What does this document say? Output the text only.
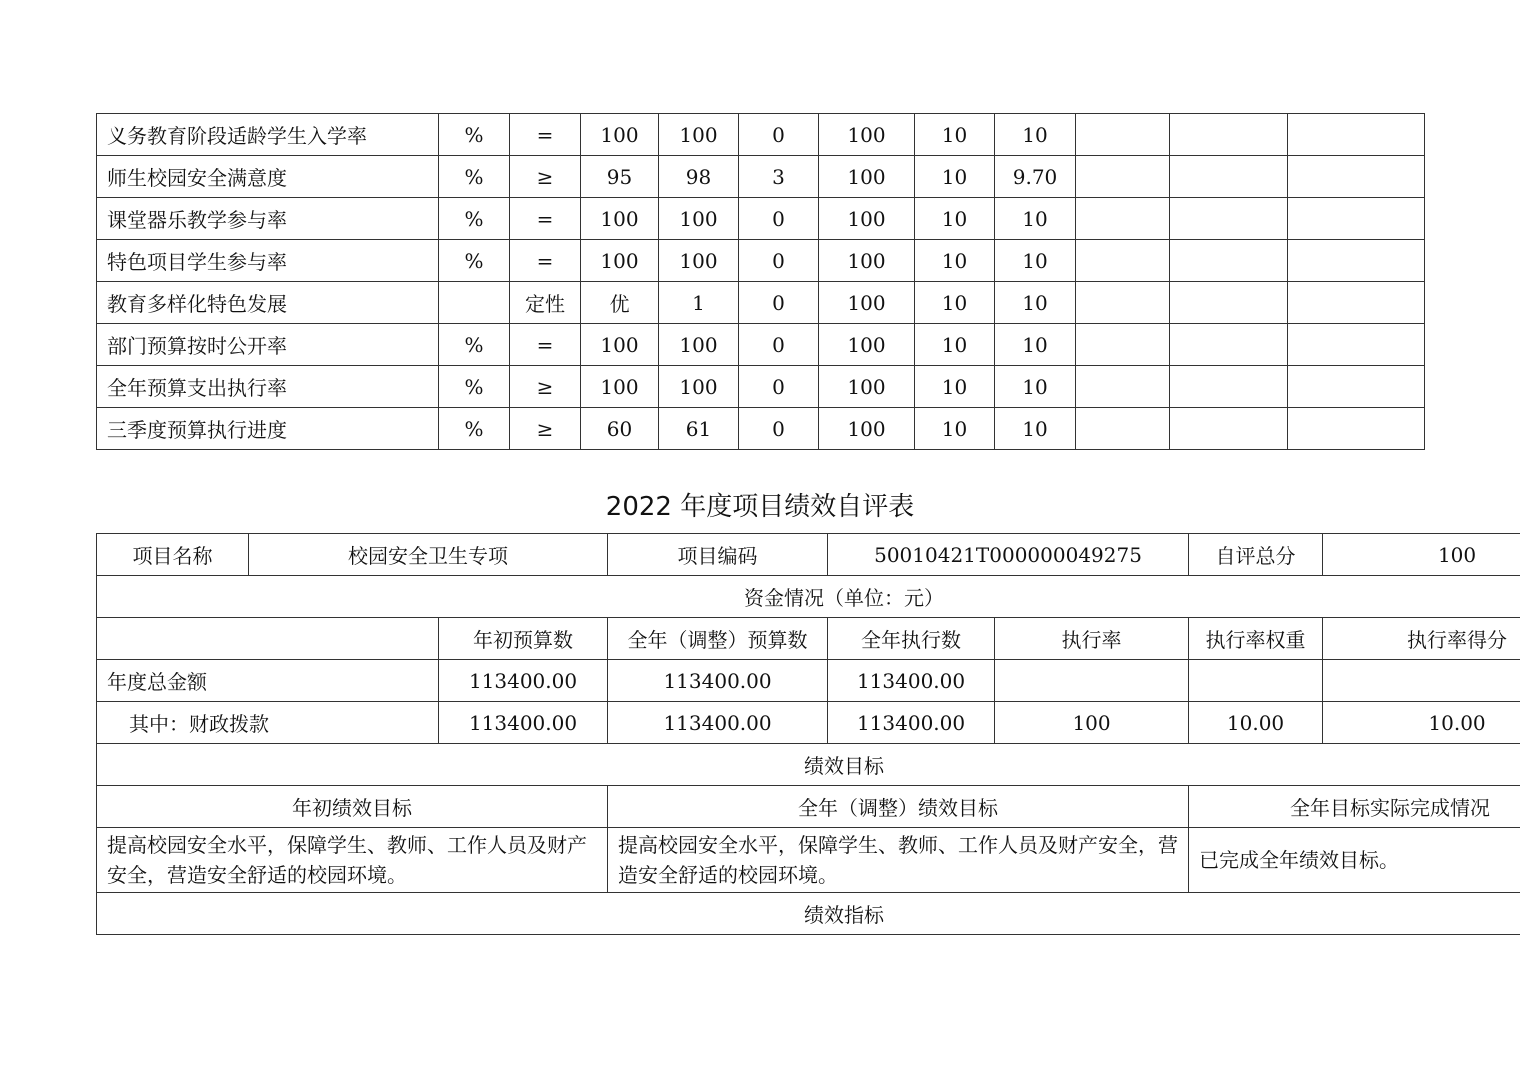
义务教育阶段适龄学生入学率	%	=	100	100	0	100	10	10			
师生校园安全满意度	%	≥	95	98	3	100	10	9.70			
课堂器乐教学参与率	%	=	100	100	0	100	10	10			
特色项目学生参与率	%	=	100	100	0	100	10	10			
教育多样化特色发展		定性	优	1	0	100	10	10			
部门预算按时公开率	%	=	100	100	0	100	10	10			
全年预算支出执行率	%	≥	100	100	0	100	10	10			
三季度预算执行进度	%	≥	60	61	0	100	10	10			
2022 年度项目绩效自评表
项目名称	校园安全卫生专项		项目编码	50010421T000000049275		自评总分	100
资金情况（单位：元）							
		年初预算数	全年（调整）预算数	全年执行数	执行率	执行率权重	执行率得分
年度总金额		113400.00	113400.00	113400.00			
其中：财政拨款		113400.00	113400.00	113400.00	100	10.00	10.00
绩效目标							
年初绩效目标			全年（调整）绩效目标			全年目标实际完成情况	
提高校园安全水平，保障学生、教师、工作人员及财产安全，营造安全舒适的校园环境。			提高校园安全水平，保障学生、教师、工作人员及财产安全，营造安全舒适的校园环境。			已完成全年绩效目标。	
绩效指标							
